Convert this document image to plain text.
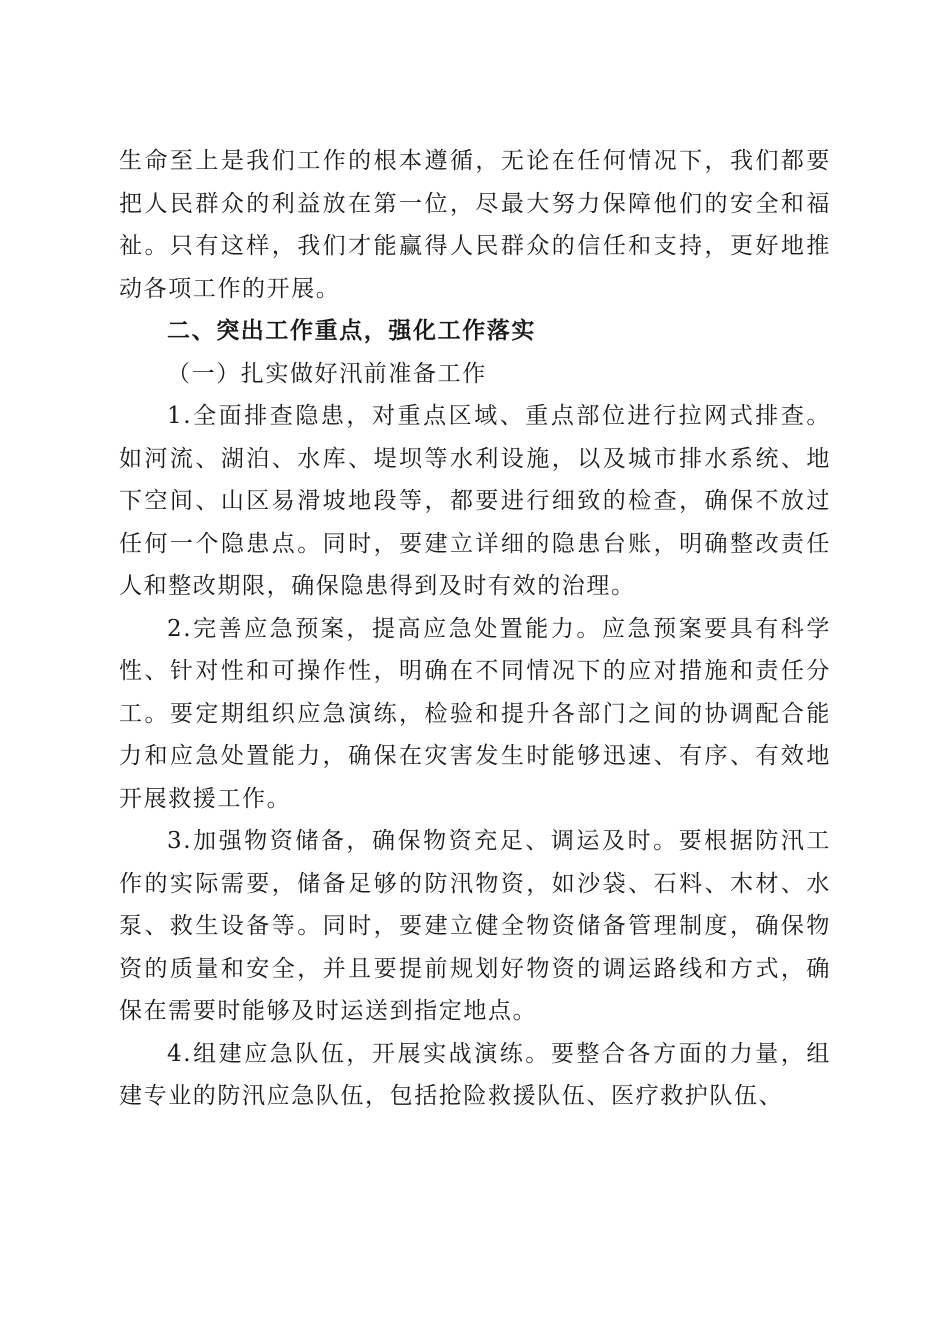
生命至上是我们工作的根本遵循，无论在任何情况下，我们都要把人民群众的利益放在第一位，尽最大努力保障他们的安全和福祉。只有这样，我们才能赢得人民群众的信任和支持，更好地推动各项工作的开展。

二、突出工作重点，强化工作落实

（一）扎实做好汛前准备工作

1.全面排查隐患，对重点区域、重点部位进行拉网式排查。如河流、湖泊、水库、堤坝等水利设施，以及城市排水系统、地下空间、山区易滑坡地段等，都要进行细致的检查，确保不放过任何一个隐患点。同时，要建立详细的隐患台账，明确整改责任人和整改期限，确保隐患得到及时有效的治理。

2.完善应急预案，提高应急处置能力。应急预案要具有科学性、针对性和可操作性，明确在不同情况下的应对措施和责任分工。要定期组织应急演练，检验和提升各部门之间的协调配合能力和应急处置能力，确保在灾害发生时能够迅速、有序、有效地开展救援工作。

3.加强物资储备，确保物资充足、调运及时。要根据防汛工作的实际需要，储备足够的防汛物资，如沙袋、石料、木材、水泵、救生设备等。同时，要建立健全物资储备管理制度，确保物资的质量和安全，并且要提前规划好物资的调运路线和方式，确保在需要时能够及时运送到指定地点。

4.组建应急队伍，开展实战演练。要整合各方面的力量，组建专业的防汛应急队伍，包括抢险救援队伍、医疗救护队伍、
